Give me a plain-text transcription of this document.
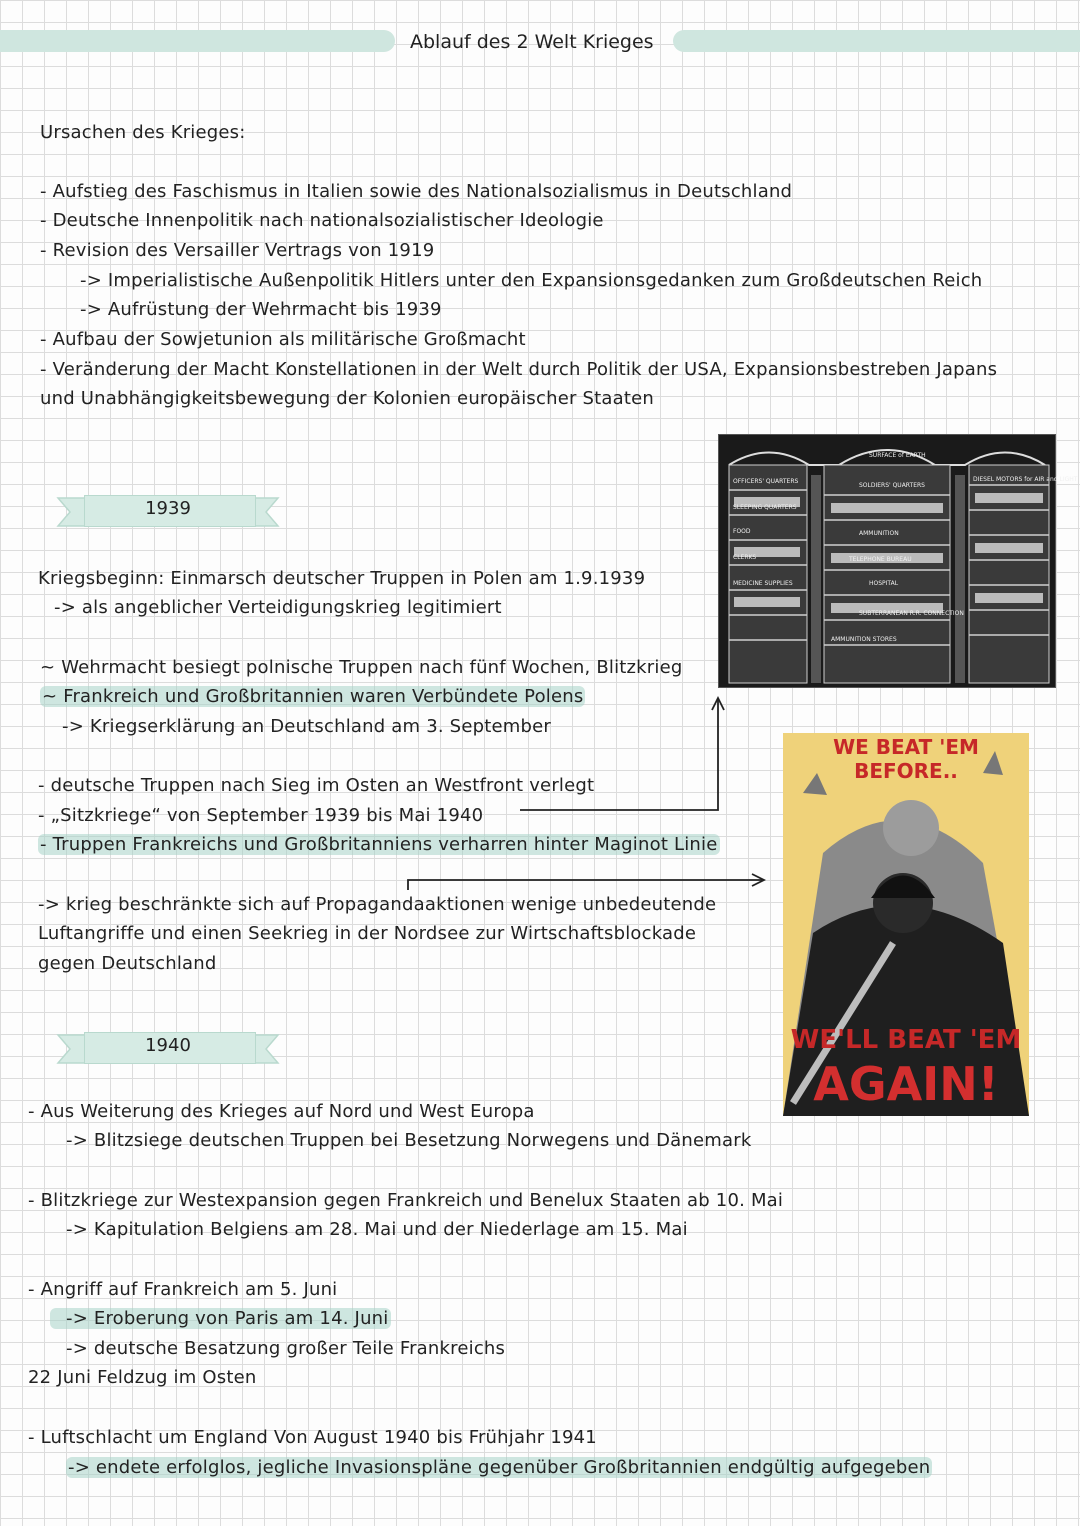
Ablauf des 2 Welt Krieges
Ursachen des Krieges:
- Aufstieg des Faschismus in Italien sowie des Nationalsozialismus in Deutschland
- Deutsche Innenpolitik nach nationalsozialistischer Ideologie
- Revision des Versailler Vertrags von 1919
-> Imperialistische Außenpolitik Hitlers unter den Expansionsgedanken zum Großdeutschen Reich
-> Aufrüstung der Wehrmacht bis 1939
- Aufbau der Sowjetunion als militärische Großmacht
- Veränderung der Macht Konstellationen in der Welt durch Politik der USA, Expansionsbestreben Japans
und Unabhängigkeitsbewegung der Kolonien europäischer Staaten
1939
Kriegsbeginn: Einmarsch deutscher Truppen in Polen am 1.9.1939
-> als angeblicher Verteidigungskrieg legitimiert
~ Wehrmacht besiegt polnische Truppen nach fünf Wochen, Blitzkrieg
~ Frankreich und Großbritannien waren Verbündete Polens
-> Kriegserklärung an Deutschland am 3. September
- deutsche Truppen nach Sieg im Osten an Westfront verlegt
- „Sitzkriege“ von September 1939 bis Mai 1940
- Truppen Frankreichs und Großbritanniens verharren hinter Maginot Linie
-> krieg beschränkte sich auf Propagandaaktionen wenige unbedeutende
Luftangriffe und einen Seekrieg in der Nordsee zur Wirtschaftsblockade
gegen Deutschland
1940
- Aus Weiterung des Krieges auf Nord und West Europa
-> Blitzsiege deutschen Truppen bei Besetzung Norwegens und Dänemark
- Blitzkriege zur Westexpansion gegen Frankreich und Benelux Staaten ab 10. Mai
-> Kapitulation Belgiens am 28. Mai und der Niederlage am 15. Mai
- Angriff auf Frankreich am 5. Juni
-> Eroberung von Paris am 14. Juni
-> deutsche Besatzung großer Teile Frankreichs
22 Juni Feldzug im Osten
- Luftschlacht um England Von August 1940 bis Frühjahr 1941
-> endete erfolglos, jegliche Invasionspläne gegenüber Großbritannien endgültig aufgegeben
OFFICERS' QUARTERS
SURFACE of EARTH
SOLDIERS' QUARTERS
SLEEPING QUARTERS
FOOD	AMMUNITION
CLERKS	TELEPHONE BUREAU
MEDICINE SUPPLIES	HOSPITAL
SUBTERRANEAN R.R. CONNECTION
AMMUNITION STORES
DIESEL MOTORS for AIR and LIGHT
WE BEAT 'EM BEFORE..
WE'LL BEAT 'EM
AGAIN!
